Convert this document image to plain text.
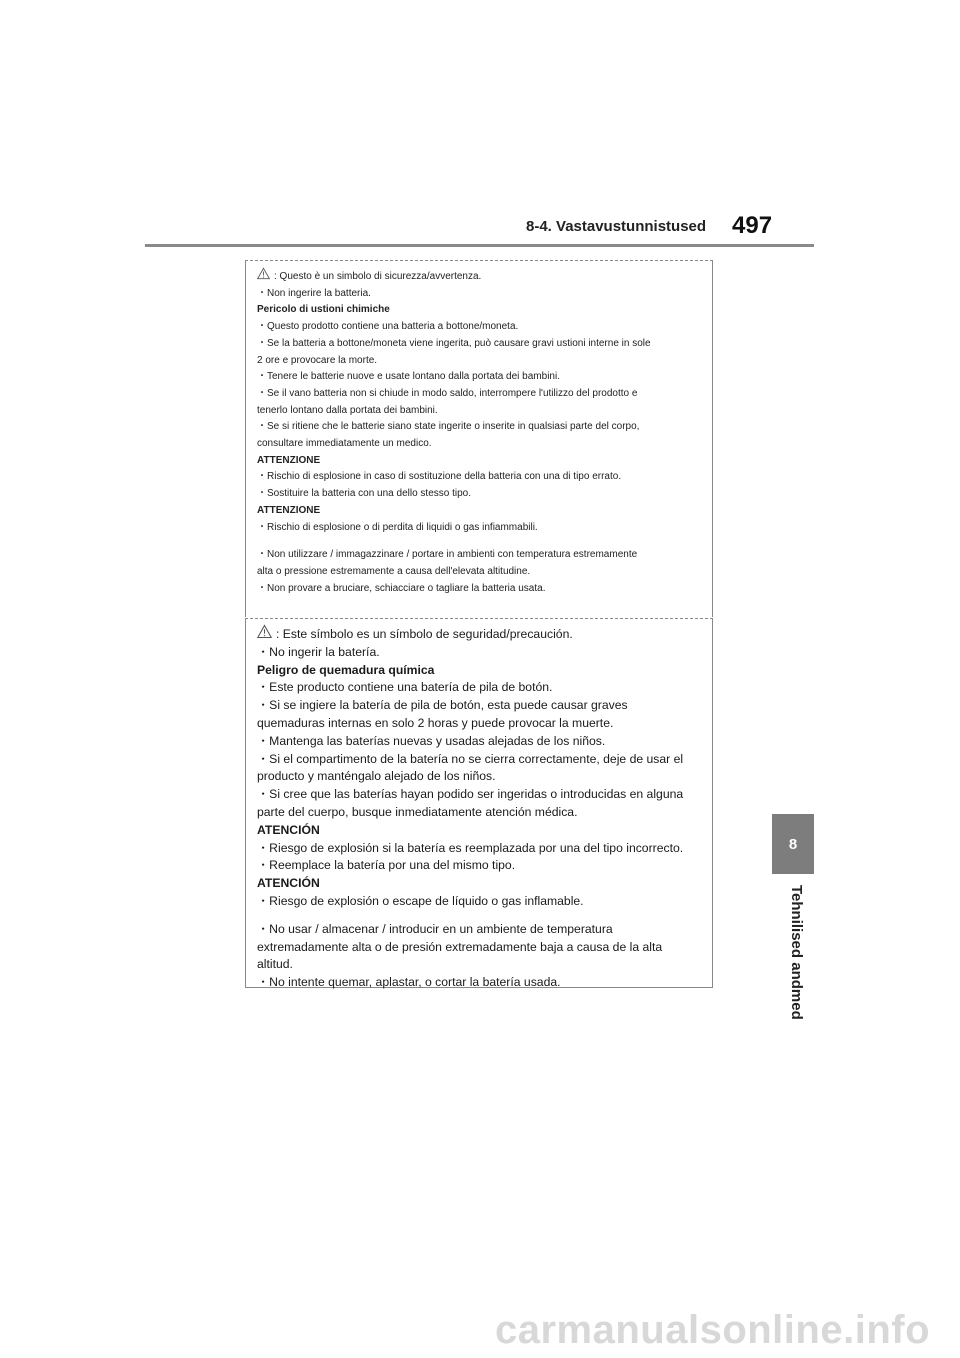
8-4. Vastavustunnistused 497
8
Tehnilised andmed

: Questo è un simbolo di sicurezza/avvertenza.

・Non ingerire la batteria.

Pericolo di ustioni chimiche

・Questo prodotto contiene una batteria a bottone/moneta.

・Se la batteria a bottone/moneta viene ingerita, può causare gravi ustioni interne in sole

2 ore e provocare la morte.

・Tenere le batterie nuove e usate lontano dalla portata dei bambini.

・Se il vano batteria non si chiude in modo saldo, interrompere l'utilizzo del prodotto e

tenerlo lontano dalla portata dei bambini.

・Se si ritiene che le batterie siano state ingerite o inserite in qualsiasi parte del corpo,

consultare immediatamente un medico.

ATTENZIONE

・Rischio di esplosione in caso di sostituzione della batteria con una di tipo errato.

・Sostituire la batteria con una dello stesso tipo.

ATTENZIONE

・Rischio di esplosione o di perdita di liquidi o gas infiammabili.

・Non utilizzare / immagazzinare / portare in ambienti con temperatura estremamente

alta o pressione estremamente a causa dell'elevata altitudine.

・Non provare a bruciare, schiacciare o tagliare la batteria usata.

: Este símbolo es un símbolo de seguridad/precaución.

・No ingerir la batería.

Peligro de quemadura química

・Este producto contiene una batería de pila de botón.

・Si se ingiere la batería de pila de botón, esta puede causar graves

quemaduras internas en solo 2 horas y puede provocar la muerte.

・Mantenga las baterías nuevas y usadas alejadas de los niños.

・Si el compartimento de la batería no se cierra correctamente, deje de usar el

producto y manténgalo alejado de los niños.

・Si cree que las baterías hayan podido ser ingeridas o introducidas en alguna

parte del cuerpo, busque inmediatamente atención médica.

ATENCIÓN

・Riesgo de explosión si la batería es reemplazada por una del tipo incorrecto.

・Reemplace la batería por una del mismo tipo.

ATENCIÓN

・Riesgo de explosión o escape de líquido o gas inflamable.

・No usar / almacenar / introducir en un ambiente de temperatura

extremadamente alta o de presión extremadamente baja a causa de la alta

altitud.

・No intente quemar, aplastar, o cortar la batería usada.

carmanualsonline.info
